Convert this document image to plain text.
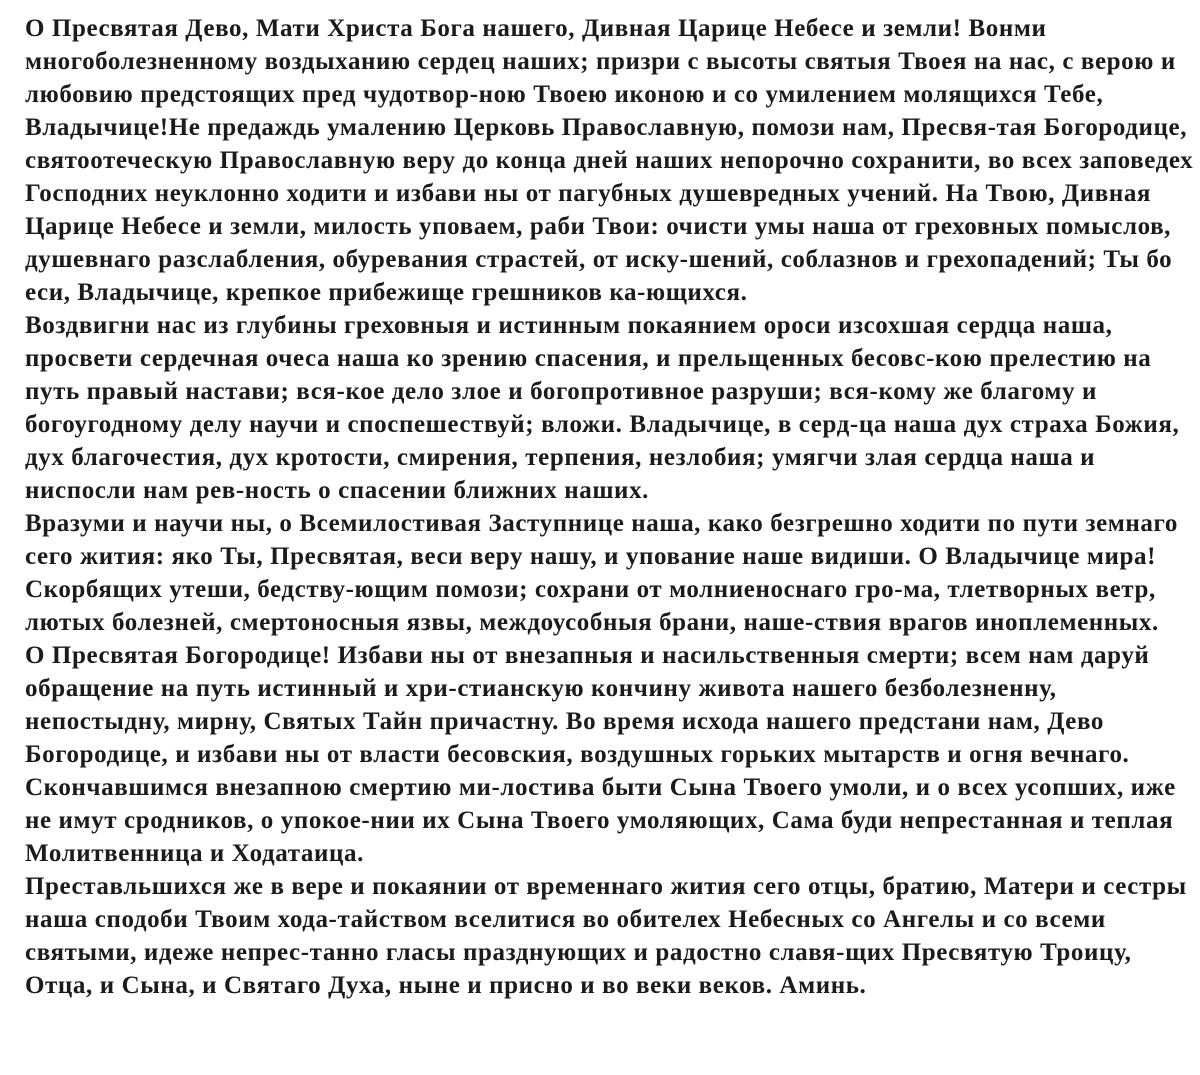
О Пресвятая Дево, Мати Христа Бога нашего, Дивная Царице Небесе и земли! Вонми многоболезненному воздыханию сердец наших; призри с высоты святыя Твоея на нас, с верою и любовию предстоящих пред чудотвор-ною Твоею иконою и со умилением молящихся Тебе, Владычице!Не предаждь умалению Церковь Православную, помози нам, Пресвя-тая Богородице, святоотеческую Православную веру до конца дней наших непорочно сохранити, во всех заповедех Господних неуклонно ходити и избави ны от пагубных душевредных учений. На Твою, Дивная Царице Небесе и земли, милость уповаем, раби Твои: очисти умы наша от греховных помыслов, душевнаго разслабления, обуревания страстей, от иску-шений, соблазнов и грехопадений; Ты бо еси, Владычице, крепкое прибежище грешников ка-ющихся.

Воздвигни нас из глубины греховныя и истинным покаянием ороси изсохшая сердца наша, просвети сердечная очеса наша ко зрению спасения, и прельщенных бесовс-кою прелестию на путь правый настави; вся-кое дело злое и богопротивное разруши; вся-кому же благому и богоугодному делу научи и споспешествуй; вложи. Владычице, в серд-ца наша дух страха Божия, дух благочестия, дух кротости, смирения, терпения, незлобия; умягчи злая сердца наша и ниспосли нам рев-ность о спасении ближних наших.

Вразуми и научи ны, о Всемилостивая Заступнице наша, како безгрешно ходити по пути земнаго сего жития: яко Ты, Пресвятая, веси веру нашу, и упование наше видиши. О Владычице мира! Скорбящих утеши, бедству-ющим помози; сохрани от молниеноснаго гро-ма, тлетворных ветр, лютых болезней, смертоносныя язвы, междоусобныя брани, наше-ствия врагов иноплеменных.

О Пресвятая Богородице! Избави ны от внезапныя и насильственныя смерти; всем нам даруй обращение на путь истинный и хри-стианскую кончину живота нашего безболезненну, непостыдну, мирну, Святых Тайн причастну. Во время исхода нашего предстани нам, Дево Богородице, и избави ны от власти бесовския, воздушных горьких мытарств и огня вечнаго. Скончавшимся внезапною смертию ми-лостива быти Сына Твоего умоли, и о всех усопших, иже не имут сродников, о упокое-нии их Сына Твоего умоляющих, Сама буди непрестанная и теплая Молитвенница и Ходатаица.

Преставльшихся же в вере и покаянии от временнаго жития сего отцы, братию, Матери и сестры наша сподоби Твоим хода-тайством вселитися во обителех Небесных со Ангелы и со всеми святыми, идеже непрес-танно гласы празднующих и радостно славя-щих Пресвятую Троицу, Отца, и Сына, и Святаго Духа, ныне и присно и во веки веков. Аминь.
